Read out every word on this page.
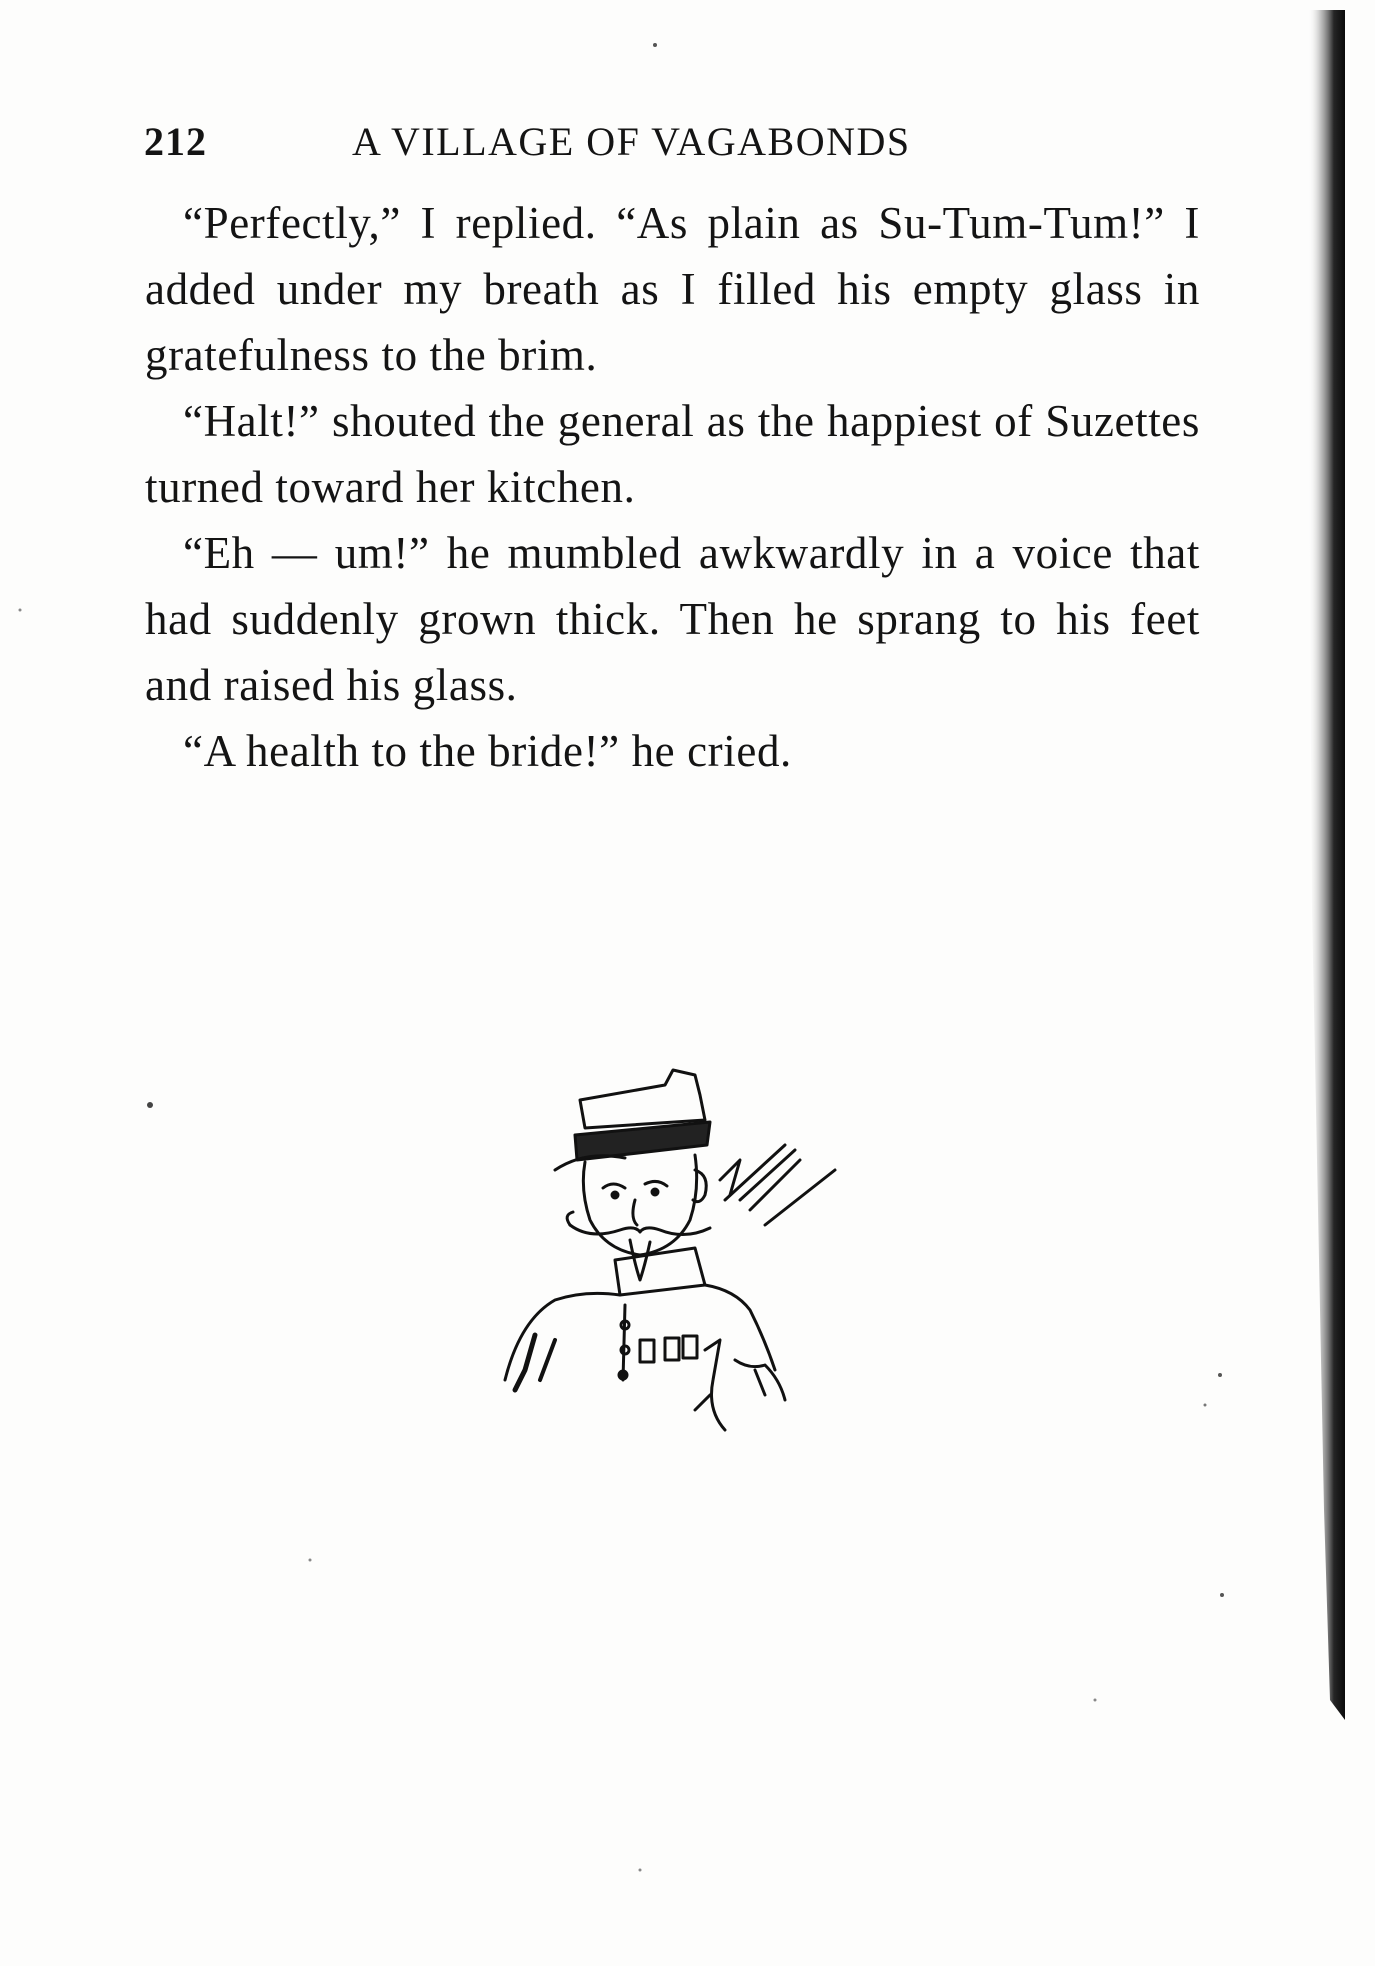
212	A VILLAGE OF VAGABONDS

“Perfectly,” I replied. “As plain as Su-Tum-Tum!” I added under my breath as I filled his empty glass in gratefulness to the brim.

“Halt!” shouted the general as the happiest of Suzettes turned toward her kitchen.

“Eh — um!” he mumbled awkwardly in a voice that had suddenly grown thick. Then he sprang to his feet and raised his glass.

“A health to the bride!” he cried.
